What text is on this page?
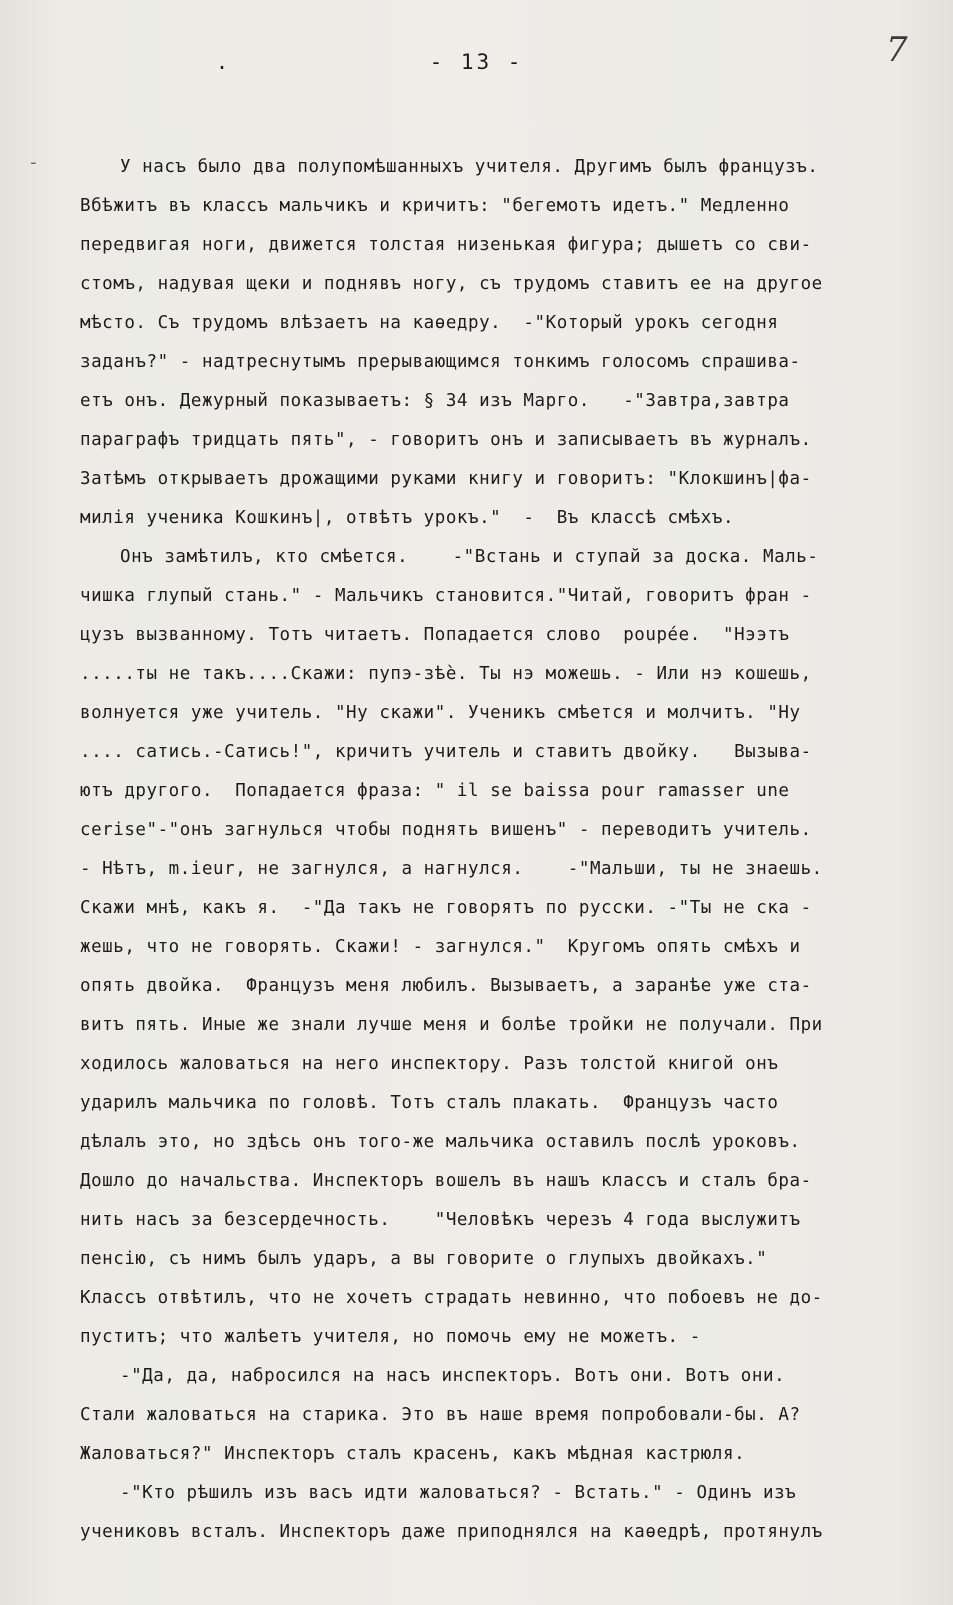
.	- 13 -	7
-	У насъ было два полупомѣшанныхъ учителя. Другимъ былъ французъ.
Вбѣжитъ въ классъ мальчикъ и кричитъ: "бегемотъ идетъ." Медленно
передвигая ноги, движется толстая низенькая фигура; дышетъ со сви-
стомъ, надувая щеки и поднявъ ногу, съ трудомъ ставитъ ее на другое
мѣсто. Съ трудомъ влѣзаетъ на каѳедру.  -"Который урокъ сегодня
заданъ?" - надтреснутымъ прерывающимся тонкимъ голосомъ спрашива-
етъ онъ. Дежурный показываетъ: § 34 изъ Марго.   -"Завтра,завтра
параграфъ тридцать пять", - говоритъ онъ и записываетъ въ журналъ.
Затѣмъ открываетъ дрожащими руками книгу и говоритъ: "Клокшинъ|фа-
милія ученика Кошкинъ|, отвѣтъ урокъ."  -  Въ классѣ смѣхъ.
Онъ замѣтилъ, кто смѣется.    -"Встань и ступай за доска. Маль-
чишка глупый стань." - Мальчикъ становится."Читай, говоритъ фран -
цузъ вызванному. Тотъ читаетъ. Попадается слово  poupée.  "Нээтъ
.....ты не такъ....Скажи: пупэ-зѣѐ. Ты нэ можешь. - Или нэ кошешь,
волнуется уже учитель. "Ну скажи". Ученикъ смѣется и молчитъ. "Ну
.... сатись.-Сатись!", кричитъ учитель и ставитъ двойку.   Вызыва-
ютъ другого.  Попадается фраза: " il se baissa pour ramasser une
cerise"-"онъ загнулься чтобы поднять вишенъ" - переводитъ учитель.
- Нѣтъ, m.ieur, не загнулся, а нагнулся.    -"Мальши, ты не знаешь.
Скажи мнѣ, какъ я.  -"Да такъ не говорятъ по русски. -"Ты не ска -
жешь, что не говорять. Скажи! - загнулся."  Кругомъ опять смѣхъ и
опять двойка.  Французъ меня любилъ. Вызываетъ, а заранѣе уже ста-
витъ пять. Иные же знали лучше меня и болѣе тройки не получали. При
ходилось жаловаться на него инспектору. Разъ толстой книгой онъ
ударилъ мальчика по головѣ. Тотъ сталъ плакать.  Французъ часто
дѣлалъ это, но здѣсь онъ того-же мальчика оставилъ послѣ уроковъ.
Дошло до начальства. Инспекторъ вошелъ въ нашъ классъ и сталъ бра-
нить насъ за безсердечность.    "Человѣкъ черезъ 4 года выслужитъ
пенсію, съ нимъ былъ ударъ, а вы говорите о глупыхъ двойкахъ."
Классъ отвѣтилъ, что не хочетъ страдать невинно, что побоевъ не до-
пуститъ; что жалѣетъ учителя, но помочь ему не можетъ. -
-"Да, да, набросился на насъ инспекторъ. Вотъ они. Вотъ они.
Стали жаловаться на старика. Это въ наше время попробовали-бы. А?
Жаловаться?" Инспекторъ сталъ красенъ, какъ мѣдная кастрюля.
-"Кто рѣшилъ изъ васъ идти жаловаться? - Встать." - Одинъ изъ
учениковъ всталъ. Инспекторъ даже приподнялся на каѳедрѣ, протянулъ
